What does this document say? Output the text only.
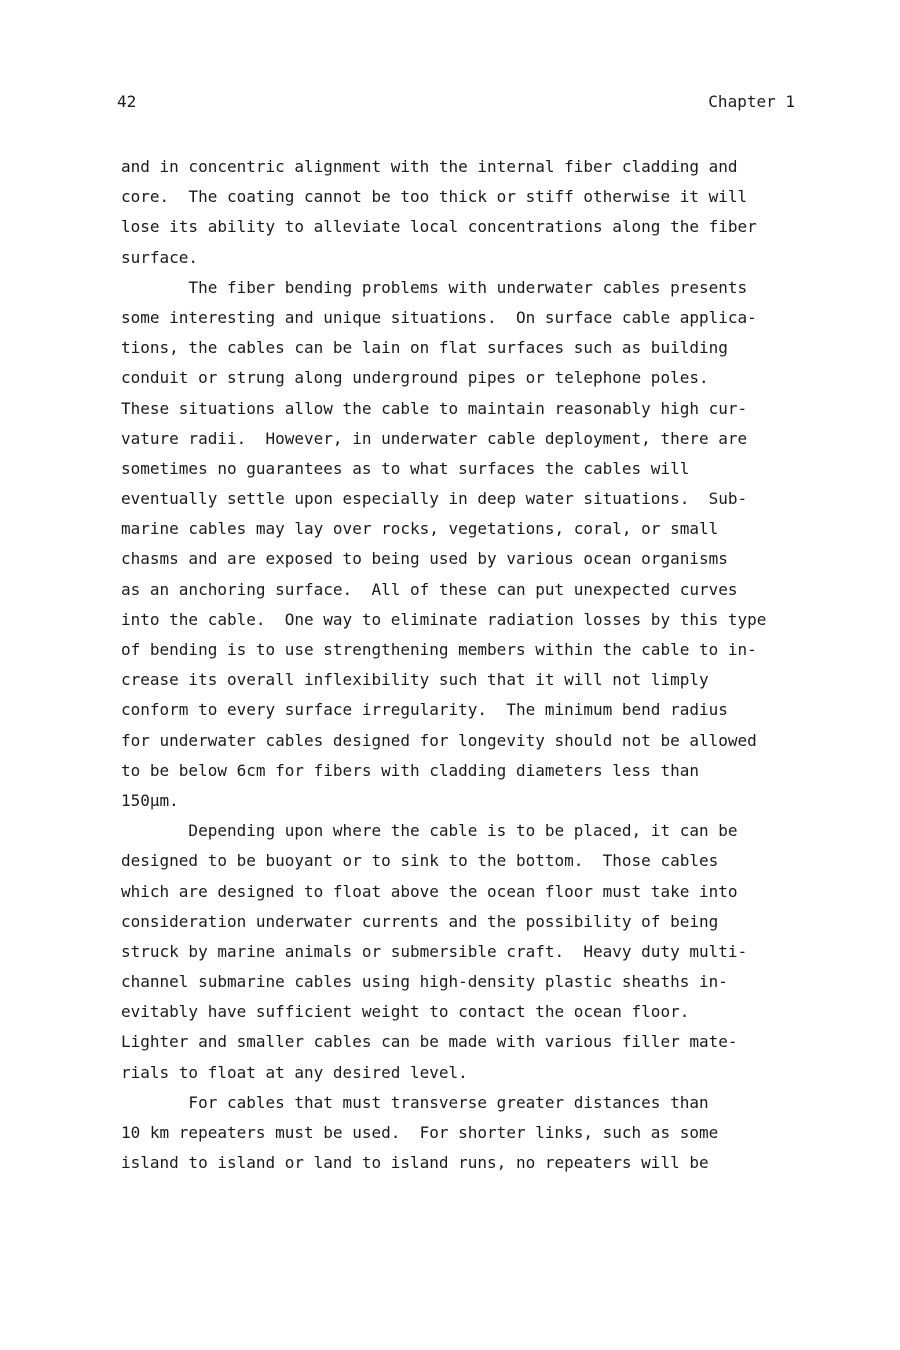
42	Chapter 1
and in concentric alignment with the internal fiber cladding and
core.  The coating cannot be too thick or stiff otherwise it will
lose its ability to alleviate local concentrations along the fiber
surface.
The fiber bending problems with underwater cables presents
some interesting and unique situations.  On surface cable applica-
tions, the cables can be lain on flat surfaces such as building
conduit or strung along underground pipes or telephone poles.
These situations allow the cable to maintain reasonably high cur-
vature radii.  However, in underwater cable deployment, there are
sometimes no guarantees as to what surfaces the cables will
eventually settle upon especially in deep water situations.  Sub-
marine cables may lay over rocks, vegetations, coral, or small
chasms and are exposed to being used by various ocean organisms
as an anchoring surface.  All of these can put unexpected curves
into the cable.  One way to eliminate radiation losses by this type
of bending is to use strengthening members within the cable to in-
crease its overall inflexibility such that it will not limply
conform to every surface irregularity.  The minimum bend radius
for underwater cables designed for longevity should not be allowed
to be below 6cm for fibers with cladding diameters less than
150µm.
Depending upon where the cable is to be placed, it can be
designed to be buoyant or to sink to the bottom.  Those cables
which are designed to float above the ocean floor must take into
consideration underwater currents and the possibility of being
struck by marine animals or submersible craft.  Heavy duty multi-
channel submarine cables using high-density plastic sheaths in-
evitably have sufficient weight to contact the ocean floor.
Lighter and smaller cables can be made with various filler mate-
rials to float at any desired level.
For cables that must transverse greater distances than
10 km repeaters must be used.  For shorter links, such as some
island to island or land to island runs, no repeaters will be
